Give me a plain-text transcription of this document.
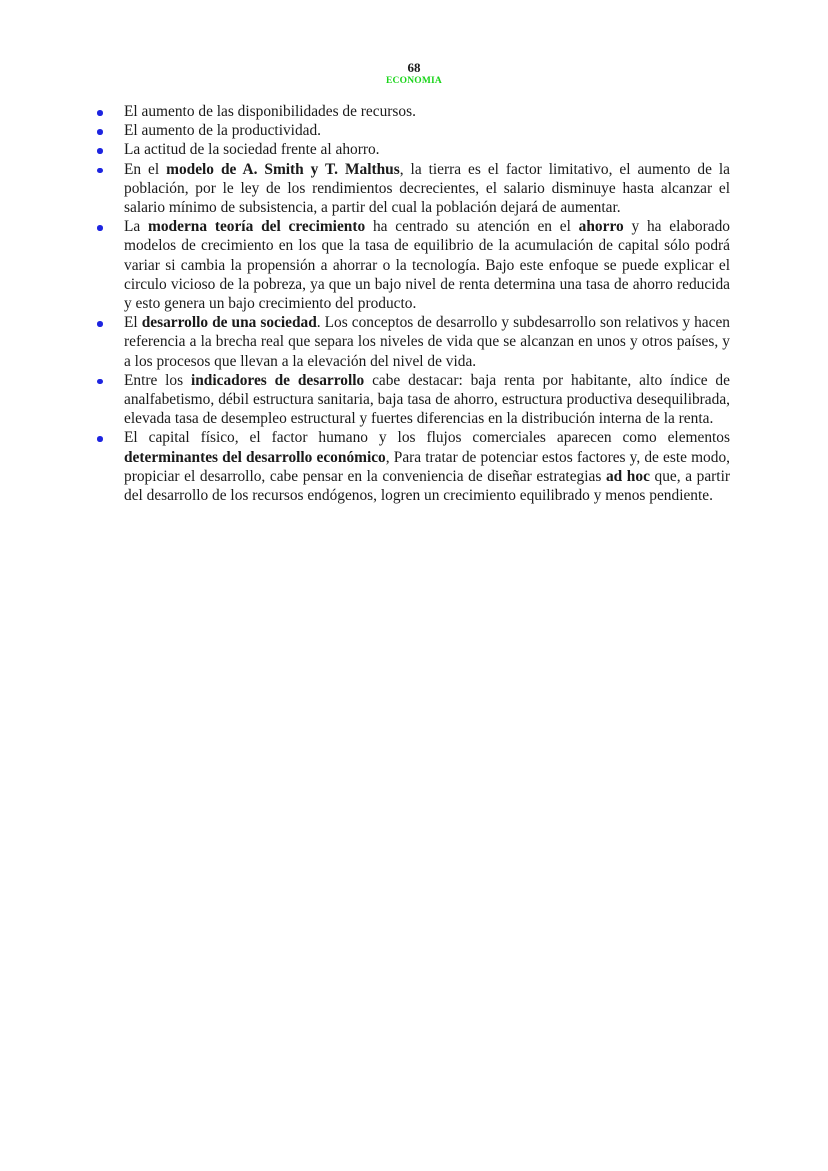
68
ECONOMIA
El aumento de las disponibilidades de recursos.
El aumento de la productividad.
La actitud de la sociedad frente al ahorro.
En el modelo de A. Smith y T. Malthus, la tierra es el factor limitativo, el aumento de la población, por le ley de los rendimientos decrecientes, el salario disminuye hasta alcanzar el salario mínimo de subsistencia, a partir del cual la población dejará de aumentar.
La moderna teoría del crecimiento ha centrado su atención en el ahorro y ha elaborado modelos de crecimiento en los que la tasa de equilibrio de la acumulación de capital sólo podrá variar si cambia la propensión a ahorrar o la tecnología. Bajo este enfoque se puede explicar el circulo vicioso de la pobreza, ya que un bajo nivel de renta determina una tasa de ahorro reducida y esto genera un bajo crecimiento del producto.
El desarrollo de una sociedad. Los conceptos de desarrollo y subdesarrollo son relativos y hacen referencia a la brecha real que separa los niveles de vida que se alcanzan en unos y otros países, y a los procesos que llevan a la elevación del nivel de vida.
Entre los indicadores de desarrollo cabe destacar: baja renta por habitante, alto índice de analfabetismo, débil estructura sanitaria, baja tasa de ahorro, estructura productiva desequilibrada, elevada tasa de desempleo estructural y fuertes diferencias en la distribución interna de la renta.
El capital físico, el factor humano y los flujos comerciales aparecen como elementos determinantes del desarrollo económico, Para tratar de potenciar estos factores y, de este modo, propiciar el desarrollo, cabe pensar en la conveniencia de diseñar estrategias ad hoc que, a partir del desarrollo de los recursos endógenos, logren un crecimiento equilibrado y menos pendiente.
